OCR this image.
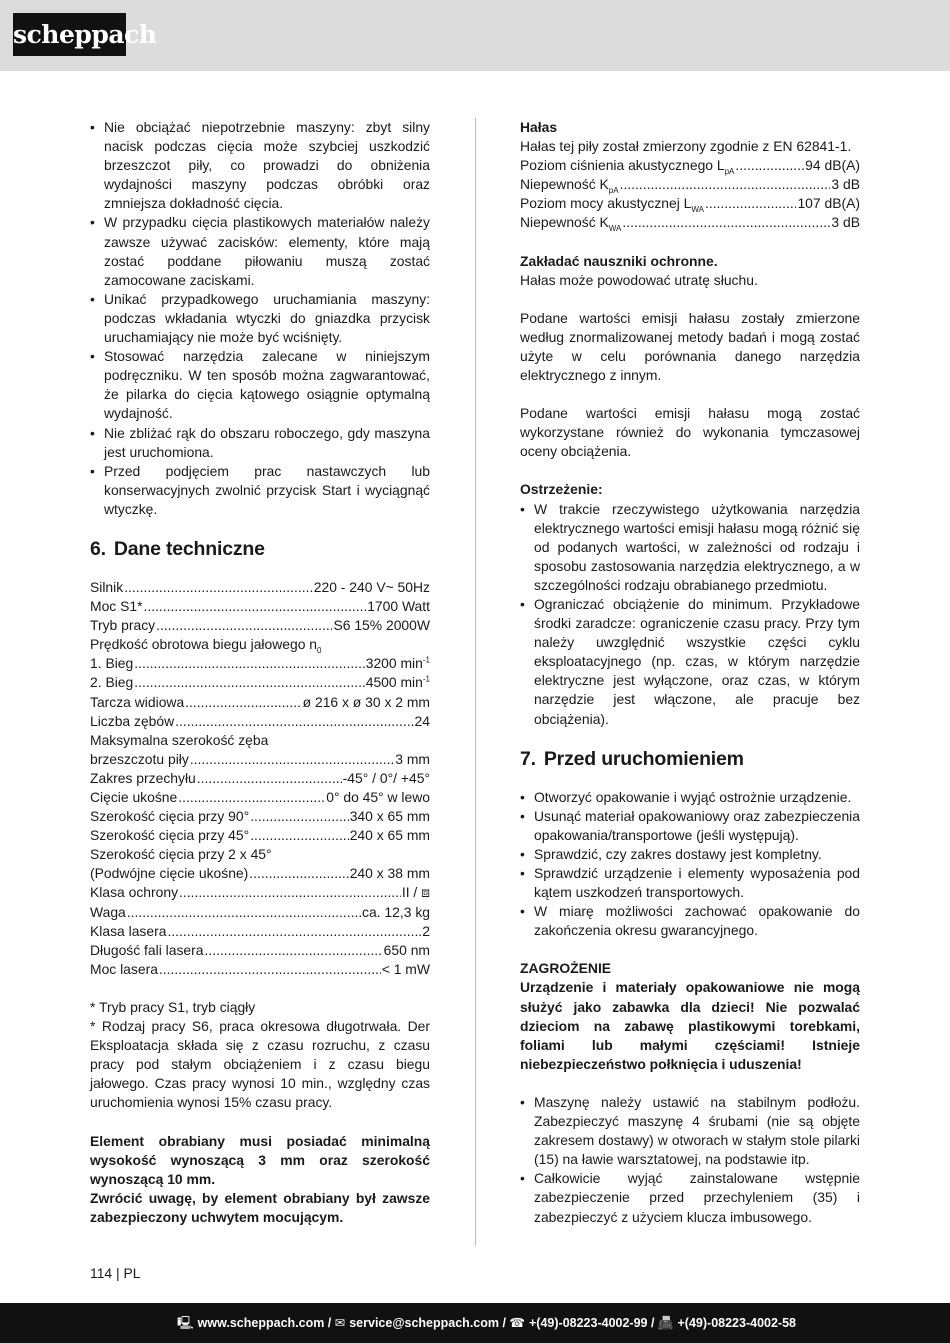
scheppach
• Nie obciążać niepotrzebnie maszyny: zbyt silny nacisk podczas cięcia może szybciej uszkodzić brzeszczot piły, co prowadzi do obniżenia wydajności maszyny podczas obróbki oraz zmniejsza dokładność cięcia.
• W przypadku cięcia plastikowych materiałów należy zawsze używać zacisków: elementy, które mają zostać poddane piłowaniu muszą zostać zamocowane zaciskami.
• Unikać przypadkowego uruchamiania maszyny: podczas wkładania wtyczki do gniazdka przycisk uruchamiający nie może być wciśnięty.
• Stosować narzędzia zalecane w niniejszym podręczniku. W ten sposób można zagwarantować, że pilarka do cięcia kątowego osiągnie optymalną wydajność.
• Nie zbliżać rąk do obszaru roboczego, gdy maszyna jest uruchomiona.
• Przed podjęciem prac nastawczych lub konserwacyjnych zwolnić przycisk Start i wyciągnąć wtyczkę.
6. Dane techniczne
Silnik .....	220 - 240 V~ 50Hz
Moc S1* .....	1700 Watt
Tryb pracy .....	S6 15% 2000W
Prędkość obrotowa biegu jałowego $n_0$
1. Bieg .....	3200 $\min^{-1}$
2. Bieg .....	4500 $\min^{-1}$
Tarcza widiowa .....	ø 216 x ø 30 x 2 mm
Liczba zębów .....	24
Maksymalna szerokość zęba
brzeszczotu piły .....	3 mm
Zakres przechyłu .....	-45° / 0°/ +45°
Cięcie ukośne .....	0° do 45° w lewo
Szerokość cięcia przy 90° .....	340 x 65 mm
Szerokość cięcia przy 45° .....	240 x 65 mm
Szerokość cięcia przy 2 x 45°
(Podwójne cięcie ukośne) .....	240 x 38 mm
Klasa ochrony .....	II / ⧈
Waga .....	ca. 12,3 kg
Klasa lasera .....	2
Długość fali lasera .....	650 nm
Moc lasera .....	< 1 mW

* Tryb pracy S1, tryb ciągły

* Rodzaj pracy S6, praca okresowa długotrwała. Der Eksploatacja składa się z czasu rozruchu, z czasu pracy pod stałym obciążeniem i z czasu biegu jałowego. Czas pracy wynosi 10 min., względny czas uruchomienia wynosi 15% czasu pracy.

Element obrabiany musi posiadać minimalną wysokość wynoszącą 3 mm oraz szerokość wynoszącą 10 mm.

Zwrócić uwagę, by element obrabiany był zawsze zabezpieczony uchwytem mocującym.

Hałas
Hałas tej piły został zmierzony zgodnie z EN 62841-1.
Poziom ciśnienia akustycznego $L_{pA}$ .....	94 dB(A)
Niepewność $K_{pA}$ .....	3 dB
Poziom mocy akustycznej $L_{WA}$ .....	107 dB(A)
Niepewność $K_{WA}$ .....	3 dB
Zakładać nauszniki ochronne.
Hałas może powodować utratę słuchu.

Podane wartości emisji hałasu zostały zmierzone według znormalizowanej metody badań i mogą zostać użyte w celu porównania danego narzędzia elektrycznego z innym.

Podane wartości emisji hałasu mogą zostać wykorzystane również do wykonania tymczasowej oceny obciążenia.

Ostrzeżenie:
• W trakcie rzeczywistego użytkowania narzędzia elektrycznego wartości emisji hałasu mogą różnić się od podanych wartości, w zależności od rodzaju i sposobu zastosowania narzędzia elektrycznego, a w szczególności rodzaju obrabianego przedmiotu.
• Ograniczać obciążenie do minimum. Przykładowe środki zaradcze: ograniczenie czasu pracy. Przy tym należy uwzględnić wszystkie części cyklu eksploatacyjnego (np. czas, w którym narzędzie elektryczne jest wyłączone, oraz czas, w którym narzędzie jest włączone, ale pracuje bez obciążenia).
7. Przed uruchomieniem
• Otworzyć opakowanie i wyjąć ostrożnie urządzenie.
• Usunąć materiał opakowaniowy oraz zabezpieczenia opakowania/transportowe (jeśli występują).
• Sprawdzić, czy zakres dostawy jest kompletny.
• Sprawdzić urządzenie i elementy wyposażenia pod kątem uszkodzeń transportowych.
• W miarę możliwości zachować opakowanie do zakończenia okresu gwarancyjnego.
ZAGROŻENIE

Urządzenie i materiały opakowaniowe nie mogą służyć jako zabawka dla dzieci! Nie pozwalać dzieciom na zabawę plastikowymi torebkami, foliami lub małymi częściami! Istnieje niebezpieczeństwo połknięcia i uduszenia!

• Maszynę należy ustawić na stabilnym podłożu. Zabezpieczyć maszynę 4 śrubami (nie są objęte zakresem dostawy) w otworach w stałym stole pilarki (15) na ławie warsztatowej, na podstawie itp.
• Całkowicie wyjąć zainstalowane wstępnie zabezpieczenie przed przechyleniem (35) i zabezpieczyć z użyciem klucza imbusowego.
114 | PL
🖳 www.scheppach.com / ✉ service@scheppach.com / ☎ +(49)-08223-4002-99 / 📠 +(49)-08223-4002-58
